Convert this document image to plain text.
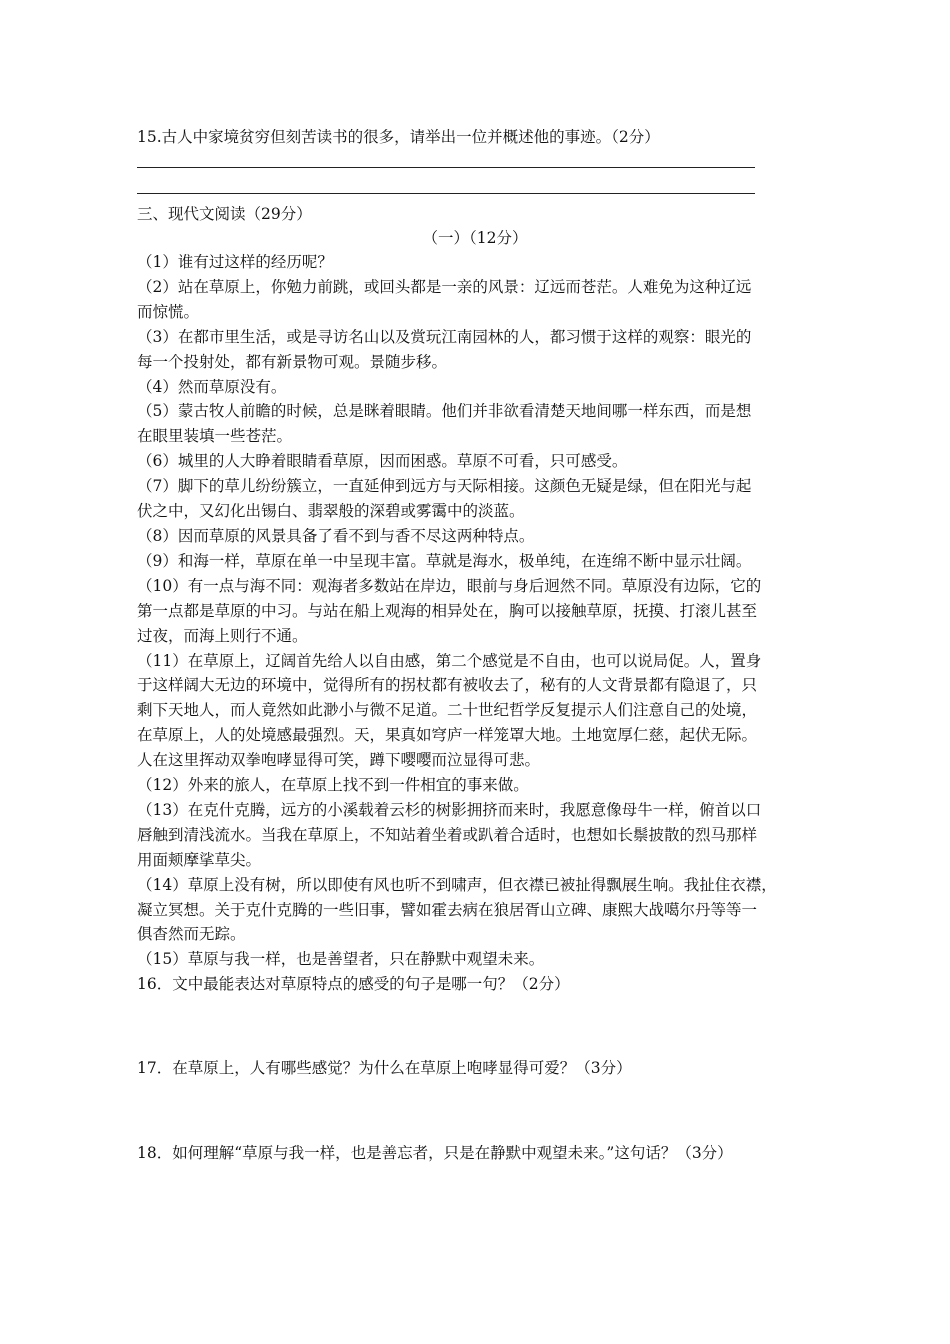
15.古人中家境贫穷但刻苦读书的很多，请举出一位并概述他的事迹。（2分）
三、现代文阅读（29分）
（一）（12分）

（1）谁有过这样的经历呢？

（2）站在草原上，你勉力前跳，或回头都是一亲的风景：辽远而苍茫。人难免为这种辽远

而惊慌。

（3）在都市里生活，或是寻访名山以及赏玩江南园林的人，都习惯于这样的观察：眼光的

每一个投射处，都有新景物可观。景随步移。

（4）然而草原没有。

（5）蒙古牧人前瞻的时候，总是眯着眼睛。他们并非欲看清楚天地间哪一样东西，而是想

在眼里装填一些苍茫。

（6）城里的人大睁着眼睛看草原，因而困惑。草原不可看，只可感受。

（7）脚下的草儿纷纷簇立，一直延伸到远方与天际相接。这颜色无疑是绿，但在阳光与起

伏之中，又幻化出锡白、翡翠般的深碧或雾霭中的淡蓝。

（8）因而草原的风景具备了看不到与香不尽这两种特点。

（9）和海一样，草原在单一中呈现丰富。草就是海水，极单纯，在连绵不断中显示壮阔。

（10）有一点与海不同：观海者多数站在岸边，眼前与身后迥然不同。草原没有边际，它的

第一点都是草原的中习。与站在船上观海的相异处在，胸可以接触草原，抚摸、打滚儿甚至

过夜，而海上则行不通。

（11）在草原上，辽阔首先给人以自由感，第二个感觉是不自由，也可以说局促。人，置身

于这样阔大无边的环境中，觉得所有的拐杖都有被收去了，秘有的人文背景都有隐退了，只

剩下天地人，而人竟然如此渺小与微不足道。二十世纪哲学反复提示人们注意自己的处境，

在草原上，人的处境感最强烈。天，果真如穹庐一样笼罩大地。土地宽厚仁慈，起伏无际。

人在这里挥动双拳咆哮显得可笑，蹲下嘤嘤而泣显得可悲。

（12）外来的旅人，在草原上找不到一件相宜的事来做。

（13）在克什克腾，远方的小溪载着云杉的树影拥挤而来时，我愿意像母牛一样，俯首以口

唇触到清浅流水。当我在草原上，不知站着坐着或趴着合适时，也想如长鬃披散的烈马那样

用面颊摩挲草尖。

（14）草原上没有树，所以即使有风也听不到啸声，但衣襟已被扯得飘展生响。我扯住衣襟，

凝立冥想。关于克什克腾的一些旧事，譬如霍去病在狼居胥山立碑、康熙大战噶尔丹等等一

俱杳然而无踪。

（15）草原与我一样，也是善望者，只在静默中观望未来。

16．文中最能表达对草原特点的感受的句子是哪一句？（2分）
17．在草原上，人有哪些感觉？为什么在草原上咆哮显得可爱？（3分）
18．如何理解“草原与我一样，也是善忘者，只是在静默中观望未来。”这句话？（3分）
